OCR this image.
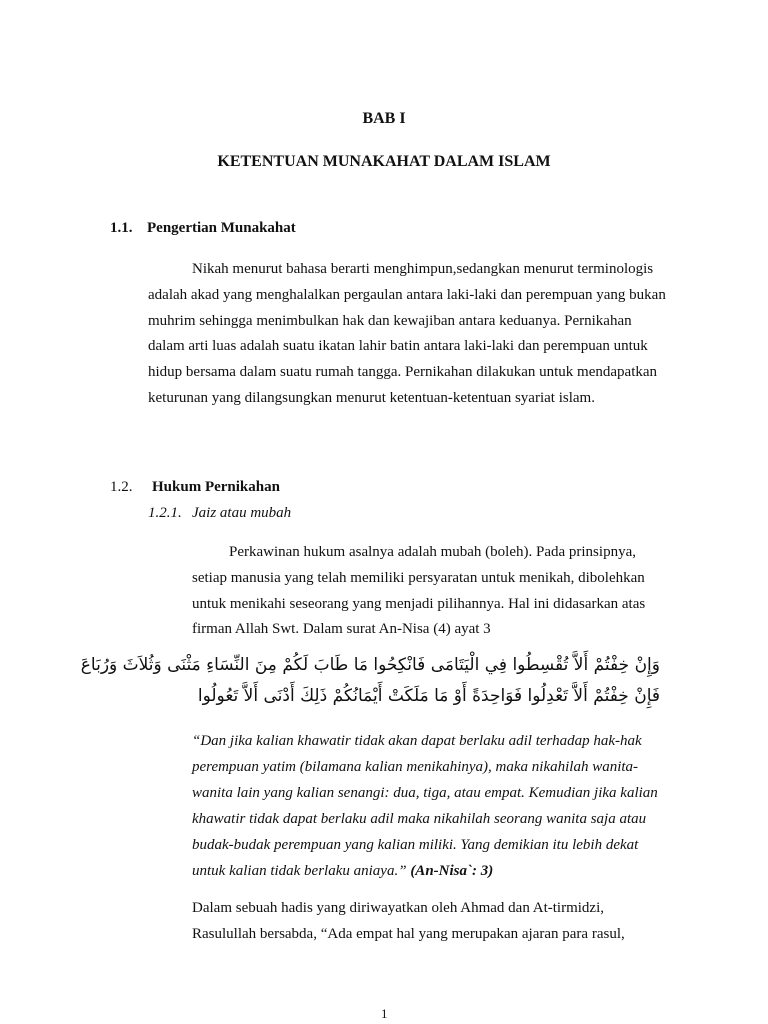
BAB I
KETENTUAN MUNAKAHAT DALAM ISLAM
1.1. Pengertian Munakahat
Nikah menurut bahasa berarti menghimpun,sedangkan menurut terminologis adalah akad yang menghalalkan pergaulan antara laki-laki dan perempuan yang bukan muhrim sehingga menimbulkan hak dan kewajiban antara keduanya. Pernikahan dalam arti luas adalah suatu ikatan lahir batin antara laki-laki dan perempuan untuk hidup bersama dalam suatu rumah tangga. Pernikahan dilakukan untuk mendapatkan keturunan yang dilangsungkan menurut ketentuan-ketentuan syariat islam.
1.2. Hukum Pernikahan
1.2.1. Jaiz atau mubah
Perkawinan hukum asalnya adalah mubah (boleh). Pada prinsipnya, setiap manusia yang telah memiliki persyaratan untuk menikah, dibolehkan untuk menikahi seseorang yang menjadi pilihannya. Hal ini didasarkan atas firman Allah Swt. Dalam surat An-Nisa (4) ayat 3
وَإِنْ خِفْتُمْ أَلاَّ تُقْسِطُوا فِي الْيَتَامَى فَانْكِحُوا مَا طَابَ لَكُمْ مِنَ النِّسَاءِ مَثْنَى وَثُلاَثَ وَرُبَاعَ
فَإِنْ خِفْتُمْ أَلاَّ تَعْدِلُوا فَوَاحِدَةً أَوْ مَا مَلَكَتْ أَيْمَانُكُمْ ذَلِكَ أَدْنَى أَلاَّ تَعُولُوا
“Dan jika kalian khawatir tidak akan dapat berlaku adil terhadap hak-hak perempuan yatim (bilamana kalian menikahinya), maka nikahilah wanita-wanita lain yang kalian senangi: dua, tiga, atau empat. Kemudian jika kalian khawatir tidak dapat berlaku adil maka nikahilah seorang wanita saja atau budak-budak perempuan yang kalian miliki. Yang demikian itu lebih dekat untuk kalian tidak berlaku aniaya.” (An-Nisa`: 3)
Dalam sebuah hadis yang diriwayatkan oleh Ahmad dan At-tirmidzi, Rasulullah bersabda, “Ada empat hal yang merupakan ajaran para rasul,
1
